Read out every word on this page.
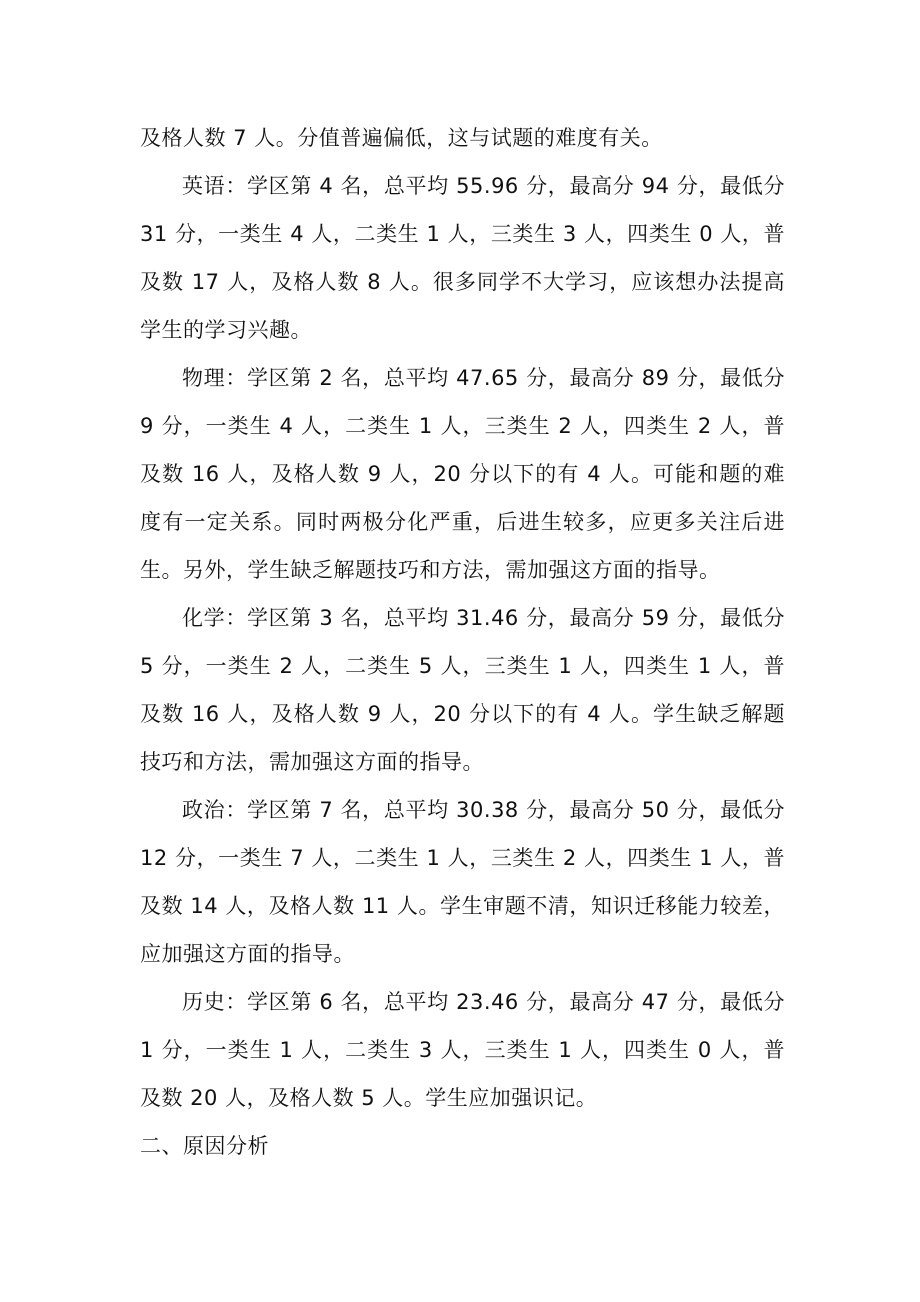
及格人数 7 人。分值普遍偏低，这与试题的难度有关。

英语：学区第 4 名，总平均 55.96 分，最高分 94 分，最低分 31 分，一类生 4 人，二类生 1 人，三类生 3 人，四类生 0 人，普及数 17 人，及格人数 8 人。很多同学不大学习，应该想办法提高学生的学习兴趣。

物理：学区第 2 名，总平均 47.65 分，最高分 89 分，最低分 9 分，一类生 4 人，二类生 1 人，三类生 2 人，四类生 2 人，普及数 16 人，及格人数 9 人，20 分以下的有 4 人。可能和题的难度有一定关系。同时两极分化严重，后进生较多，应更多关注后进生。另外，学生缺乏解题技巧和方法，需加强这方面的指导。

化学：学区第 3 名，总平均 31.46 分，最高分 59 分，最低分 5 分，一类生 2 人，二类生 5 人，三类生 1 人，四类生 1 人，普及数 16 人，及格人数 9 人，20 分以下的有 4 人。学生缺乏解题技巧和方法，需加强这方面的指导。

政治：学区第 7 名，总平均 30.38 分，最高分 50 分，最低分 12 分，一类生 7 人，二类生 1 人，三类生 2 人，四类生 1 人，普及数 14 人，及格人数 11 人。学生审题不清，知识迁移能力较差，应加强这方面的指导。

历史：学区第 6 名，总平均 23.46 分，最高分 47 分，最低分 1 分，一类生 1 人，二类生 3 人，三类生 1 人，四类生 0 人，普及数 20 人，及格人数 5 人。学生应加强识记。

二、原因分析
